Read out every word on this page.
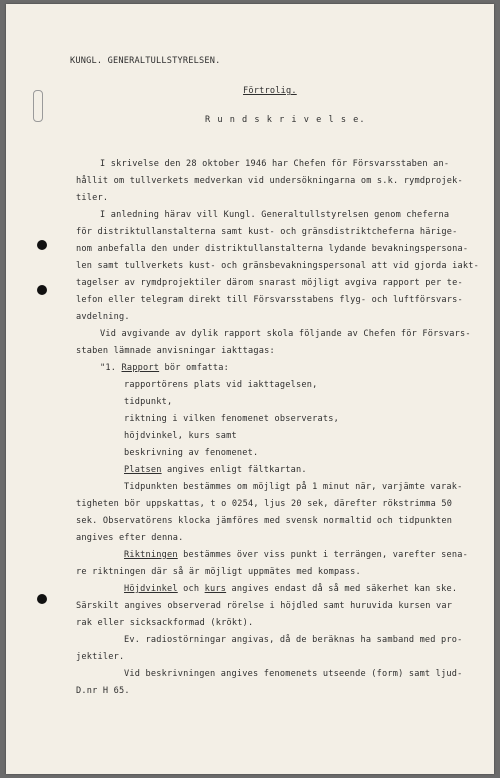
KUNGL. GENERALTULLSTYRELSEN.
Förtrolig.
R u n d s k r i v e l s e.
I skrivelse den 28 oktober 1946 har Chefen för Försvarsstaben an-
hållit om tullverkets medverkan vid undersökningarna om s.k. rymdprojek-
tiler.
I anledning härav vill Kungl. Generaltullstyrelsen genom cheferna
för distriktullanstalterna samt kust- och gränsdistriktcheferna härige-
nom anbefalla den under distriktullanstalterna lydande bevakningspersona-
len samt tullverkets kust- och gränsbevakningspersonal att vid gjorda iakt-
tagelser av rymdprojektiler därom snarast möjligt avgiva rapport per te-
lefon eller telegram direkt till Försvarsstabens flyg- och luftförsvars-
avdelning.
Vid avgivande av dylik rapport skola följande av Chefen för Försvars-
staben lämnade anvisningar iakttagas:
"1. Rapport bör omfatta:
rapportörens plats vid iakttagelsen,
tidpunkt,
riktning i vilken fenomenet observerats,
höjdvinkel, kurs samt
beskrivning av fenomenet.
Platsen angives enligt fältkartan.
Tidpunkten bestämmes om möjligt på 1 minut när, varjämte varak-
tigheten bör uppskattas, t o 0254, ljus 20 sek, därefter rökstrimma 50
sek. Observatörens klocka jämföres med svensk normaltid och tidpunkten
angives efter denna.
Riktningen bestämmes över viss punkt i terrängen, varefter sena-
re riktningen där så är möjligt uppmätes med kompass.
Höjdvinkel och kurs angives endast då så med säkerhet kan ske.
Särskilt angives observerad rörelse i höjdled samt huruvida kursen var
rak eller sicksackformad (krökt).
Ev. radiostörningar angivas, då de beräknas ha samband med pro-
jektiler.
Vid beskrivningen angives fenomenets utseende (form) samt ljud-
D.nr H 65.
